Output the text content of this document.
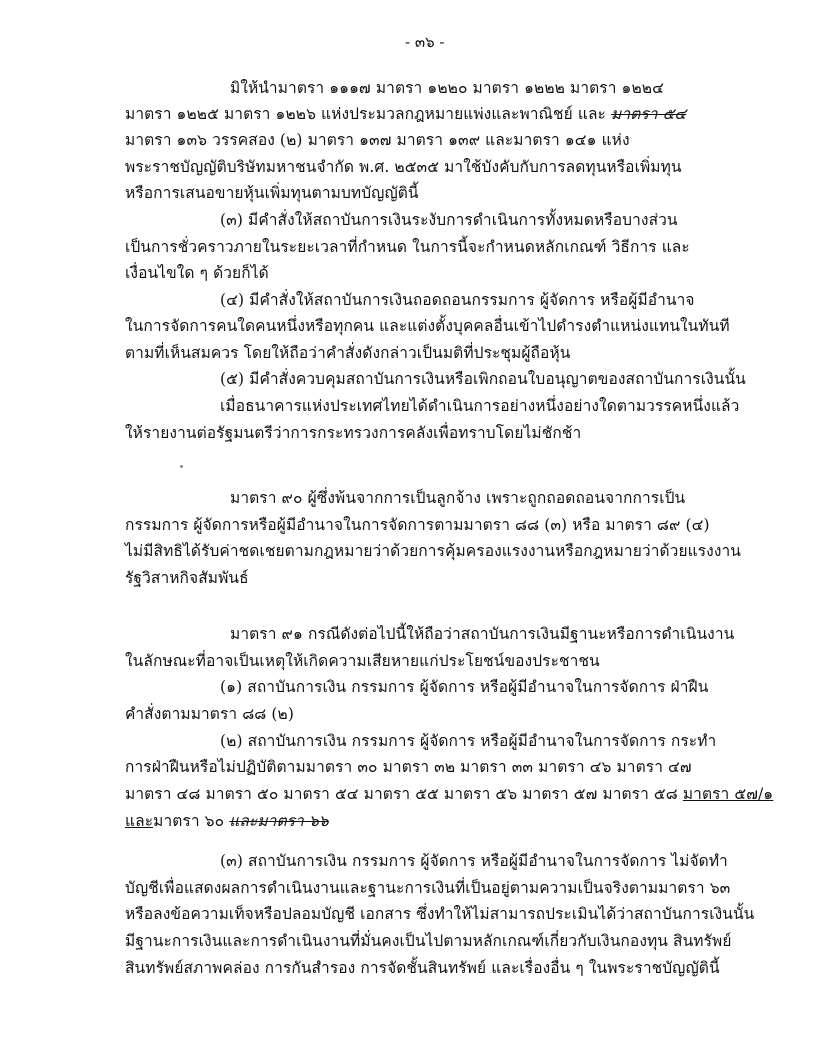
- ๓๖ -
มิให้นำมาตรา ๑๑๑๗ มาตรา ๑๒๒๐ มาตรา ๑๒๒๒ มาตรา ๑๒๒๔
มาตรา ๑๒๒๕ มาตรา ๑๒๒๖ แห่งประมวลกฎหมายแพ่งและพาณิชย์ และ มาตรา ๕๔
มาตรา ๑๓๖ วรรคสอง (๒) มาตรา ๑๓๗ มาตรา ๑๓๙ และมาตรา ๑๔๑ แห่ง
พระราชบัญญัติบริษัทมหาชนจำกัด พ.ศ. ๒๕๓๕ มาใช้บังคับกับการลดทุนหรือเพิ่มทุน
หรือการเสนอขายหุ้นเพิ่มทุนตามบทบัญญัตินี้
(๓) มีคำสั่งให้สถาบันการเงินระงับการดำเนินการทั้งหมดหรือบางส่วน
เป็นการชั่วคราวภายในระยะเวลาที่กำหนด ในการนี้จะกำหนดหลักเกณฑ์ วิธีการ และ
เงื่อนไขใด ๆ ด้วยก็ได้
(๔) มีคำสั่งให้สถาบันการเงินถอดถอนกรรมการ ผู้จัดการ หรือผู้มีอำนาจ
ในการจัดการคนใดคนหนึ่งหรือทุกคน และแต่งตั้งบุคคลอื่นเข้าไปดำรงตำแหน่งแทนในทันที
ตามที่เห็นสมควร โดยให้ถือว่าคำสั่งดังกล่าวเป็นมติที่ประชุมผู้ถือหุ้น
(๕) มีคำสั่งควบคุมสถาบันการเงินหรือเพิกถอนใบอนุญาตของสถาบันการเงินนั้น
เมื่อธนาคารแห่งประเทศไทยได้ดำเนินการอย่างหนึ่งอย่างใดตามวรรคหนึ่งแล้ว
ให้รายงานต่อรัฐมนตรีว่าการกระทรวงการคลังเพื่อทราบโดยไม่ชักช้า
มาตรา ๙๐ ผู้ซึ่งพ้นจากการเป็นลูกจ้าง เพราะถูกถอดถอนจากการเป็น
กรรมการ ผู้จัดการหรือผู้มีอำนาจในการจัดการตามมาตรา ๘๘ (๓) หรือ มาตรา ๘๙ (๔)
ไม่มีสิทธิได้รับค่าชดเชยตามกฎหมายว่าด้วยการคุ้มครองแรงงานหรือกฎหมายว่าด้วยแรงงาน
รัฐวิสาหกิจสัมพันธ์
มาตรา ๙๑ กรณีดังต่อไปนี้ให้ถือว่าสถาบันการเงินมีฐานะหรือการดำเนินงาน
ในลักษณะที่อาจเป็นเหตุให้เกิดความเสียหายแก่ประโยชน์ของประชาชน
(๑) สถาบันการเงิน กรรมการ ผู้จัดการ หรือผู้มีอำนาจในการจัดการ ฝ่าฝืน
คำสั่งตามมาตรา ๘๘ (๒)
(๒) สถาบันการเงิน กรรมการ ผู้จัดการ หรือผู้มีอำนาจในการจัดการ กระทำ
การฝ่าฝืนหรือไม่ปฏิบัติตามมาตรา ๓๐ มาตรา ๓๒ มาตรา ๓๓ มาตรา ๔๖ มาตรา ๔๗
มาตรา ๔๘ มาตรา ๕๐ มาตรา ๕๔ มาตรา ๕๕ มาตรา ๕๖ มาตรา ๕๗ มาตรา ๕๘ มาตรา ๕๗/๑
และมาตรา ๖๐ และมาตรา ๖๖
(๓) สถาบันการเงิน กรรมการ ผู้จัดการ หรือผู้มีอำนาจในการจัดการ ไม่จัดทำ
บัญชีเพื่อแสดงผลการดำเนินงานและฐานะการเงินที่เป็นอยู่ตามความเป็นจริงตามมาตรา ๖๓
หรือลงข้อความเท็จหรือปลอมบัญชี เอกสาร ซึ่งทำให้ไม่สามารถประเมินได้ว่าสถาบันการเงินนั้น
มีฐานะการเงินและการดำเนินงานที่มั่นคงเป็นไปตามหลักเกณฑ์เกี่ยวกับเงินกองทุน สินทรัพย์
สินทรัพย์สภาพคล่อง การกันสำรอง การจัดชั้นสินทรัพย์ และเรื่องอื่น ๆ ในพระราชบัญญัตินี้
